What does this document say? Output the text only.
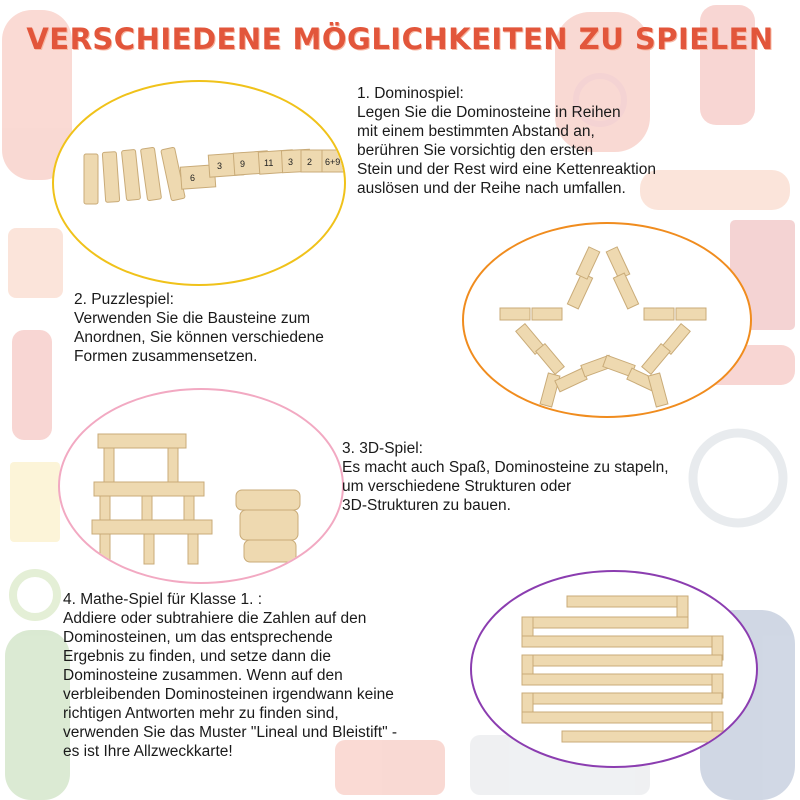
VERSCHIEDENE MÖGLICHKEITEN ZU SPIELEN
6
3 9 11 3 2 6+9
1. Dominospiel:
Legen Sie die Dominosteine in Reihen
mit einem bestimmten Abstand an,
berühren Sie vorsichtig den ersten
Stein und der Rest wird eine Kettenreaktion
auslösen und der Reihe nach umfallen.
2. Puzzlespiel:
Verwenden Sie die Bausteine zum
Anordnen, Sie können verschiedene
Formen zusammensetzen.
3. 3D-Spiel:
Es macht auch Spaß, Dominosteine zu stapeln,
um verschiedene Strukturen oder
3D-Strukturen zu bauen.
4. Mathe-Spiel für Klasse 1. :
Addiere oder subtrahiere die Zahlen auf den
Dominosteinen, um das entsprechende
Ergebnis zu finden, und setze dann die
Dominosteine zusammen. Wenn auf den
verbleibenden Dominosteinen irgendwann keine
richtigen Antworten mehr zu finden sind,
verwenden Sie das Muster "Lineal und Bleistift" -
es ist Ihre Allzweckkarte!
